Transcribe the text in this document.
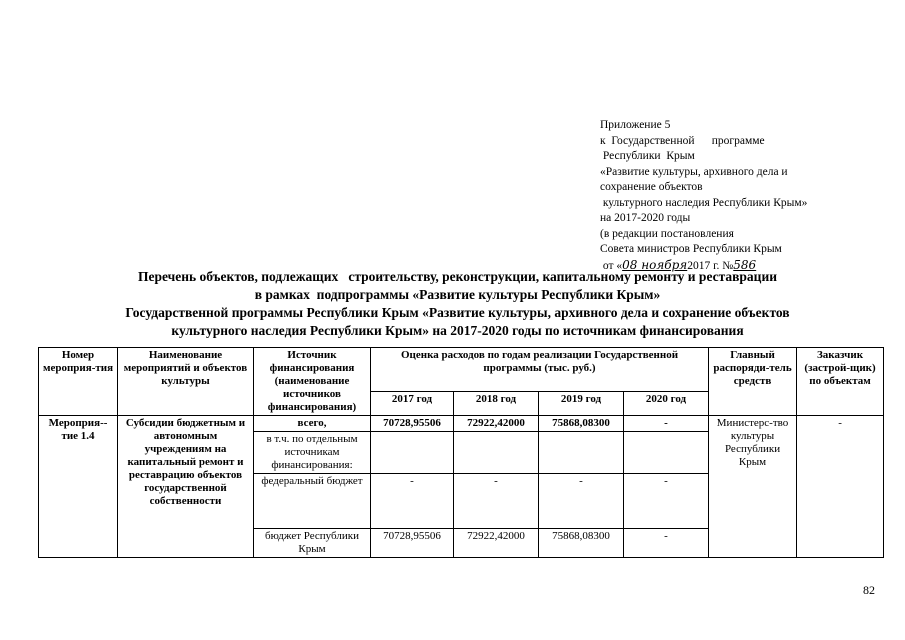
Приложение 5
к  Государственной      программе
Республики  Крым
«Развитие культуры, архивного дела и
сохранение объектов
культурного наследия Республики Крым»
на 2017-2020 годы
(в редакции постановления
Совета министров Республики Крым
от «08 ноября2017 г. №586
Перечень объектов, подлежащих   строительству, реконструкции, капитальному ремонту и реставрации
в рамках  подпрограммы «Развитие культуры Республики Крым»
Государственной программы Республики Крым «Развитие культуры, архивного дела и сохранение объектов
культурного наследия Республики Крым» на 2017-2020 годы по источникам финансирования
Номер мероприя-тия	Наименование мероприятий и объектов культуры	Источник финансирования (наименование источников финансирования)	Оценка расходов по годам реализации Государственной программы (тыс. руб.)				Главный распоряди-тель средств	Заказчик (застрой-щик) по объектам
			2017 год	2018 год	2019 год	2020 год		
Мероприя-- тие 1.4	Субсидии бюджетным и автономным учреждениям на капитальный ремонт и реставрацию объектов государственной собственности	всего,	70728,95506	72922,42000	75868,08300	-	Министерс-тво культуры Республики Крым	-
		в т.ч. по отдельным источникам финансирования:						
		федеральный бюджет	-	-	-	-		
		бюджет Республики Крым	70728,95506	72922,42000	75868,08300	-		
82
